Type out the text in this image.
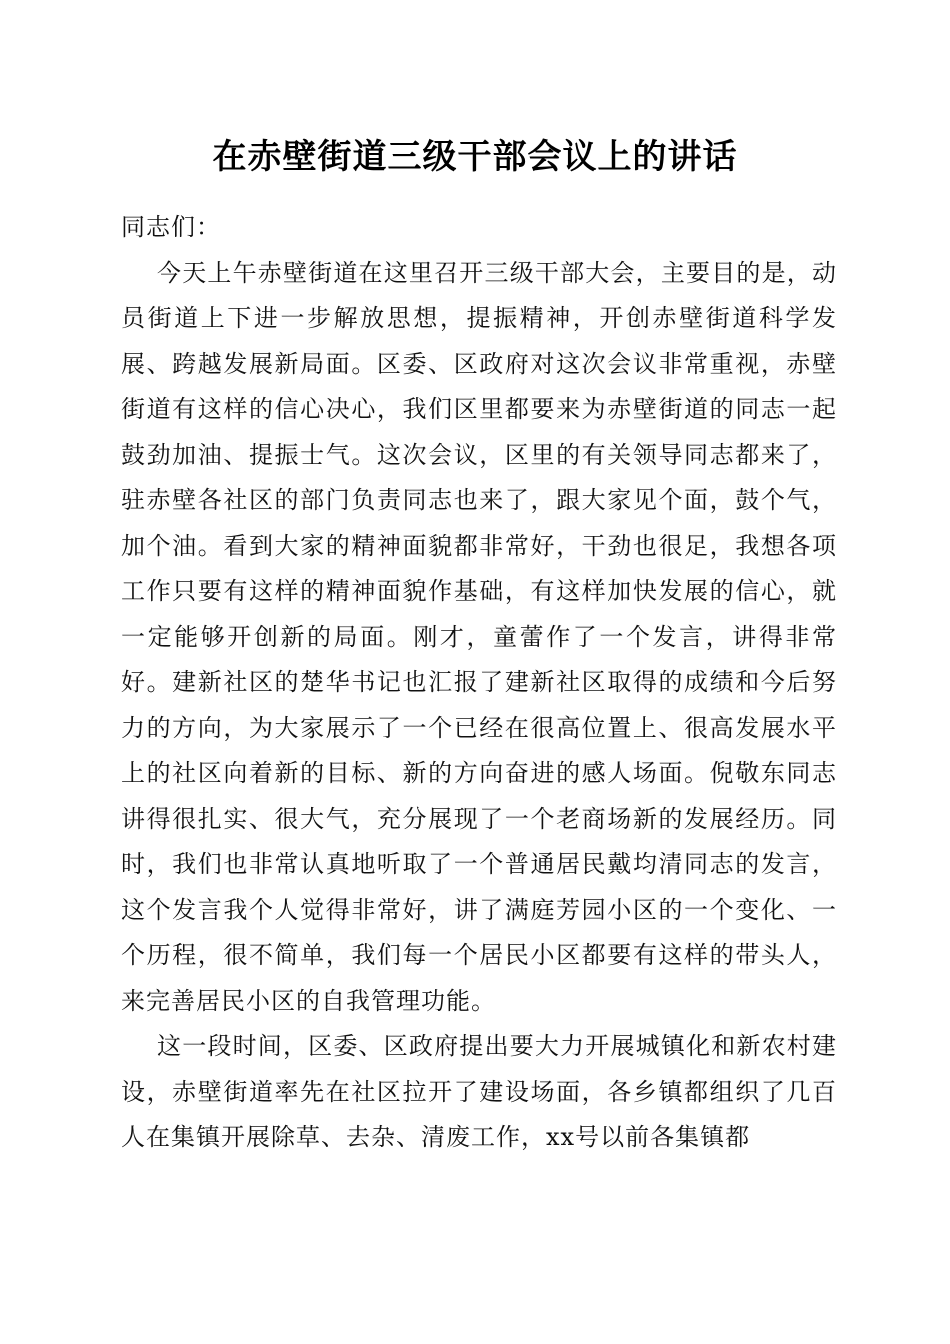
在赤壁街道三级干部会议上的讲话

同志们：

今天上午赤壁街道在这里召开三级干部大会，主要目的是，动员街道上下进一步解放思想，提振精神，开创赤壁街道科学发展、跨越发展新局面。区委、区政府对这次会议非常重视，赤壁街道有这样的信心决心，我们区里都要来为赤壁街道的同志一起鼓劲加油、提振士气。这次会议，区里的有关领导同志都来了，驻赤壁各社区的部门负责同志也来了，跟大家见个面，鼓个气，加个油。看到大家的精神面貌都非常好，干劲也很足，我想各项工作只要有这样的精神面貌作基础，有这样加快发展的信心，就一定能够开创新的局面。刚才，童蕾作了一个发言，讲得非常好。建新社区的楚华书记也汇报了建新社区取得的成绩和今后努力的方向，为大家展示了一个已经在很高位置上、很高发展水平上的社区向着新的目标、新的方向奋进的感人场面。倪敬东同志讲得很扎实、很大气，充分展现了一个老商场新的发展经历。同时，我们也非常认真地听取了一个普通居民戴均清同志的发言，这个发言我个人觉得非常好，讲了满庭芳园小区的一个变化、一个历程，很不简单，我们每一个居民小区都要有这样的带头人，来完善居民小区的自我管理功能。

这一段时间，区委、区政府提出要大力开展城镇化和新农村建设，赤壁街道率先在社区拉开了建设场面，各乡镇都组织了几百人在集镇开展除草、去杂、清废工作，xx号以前各集镇都
